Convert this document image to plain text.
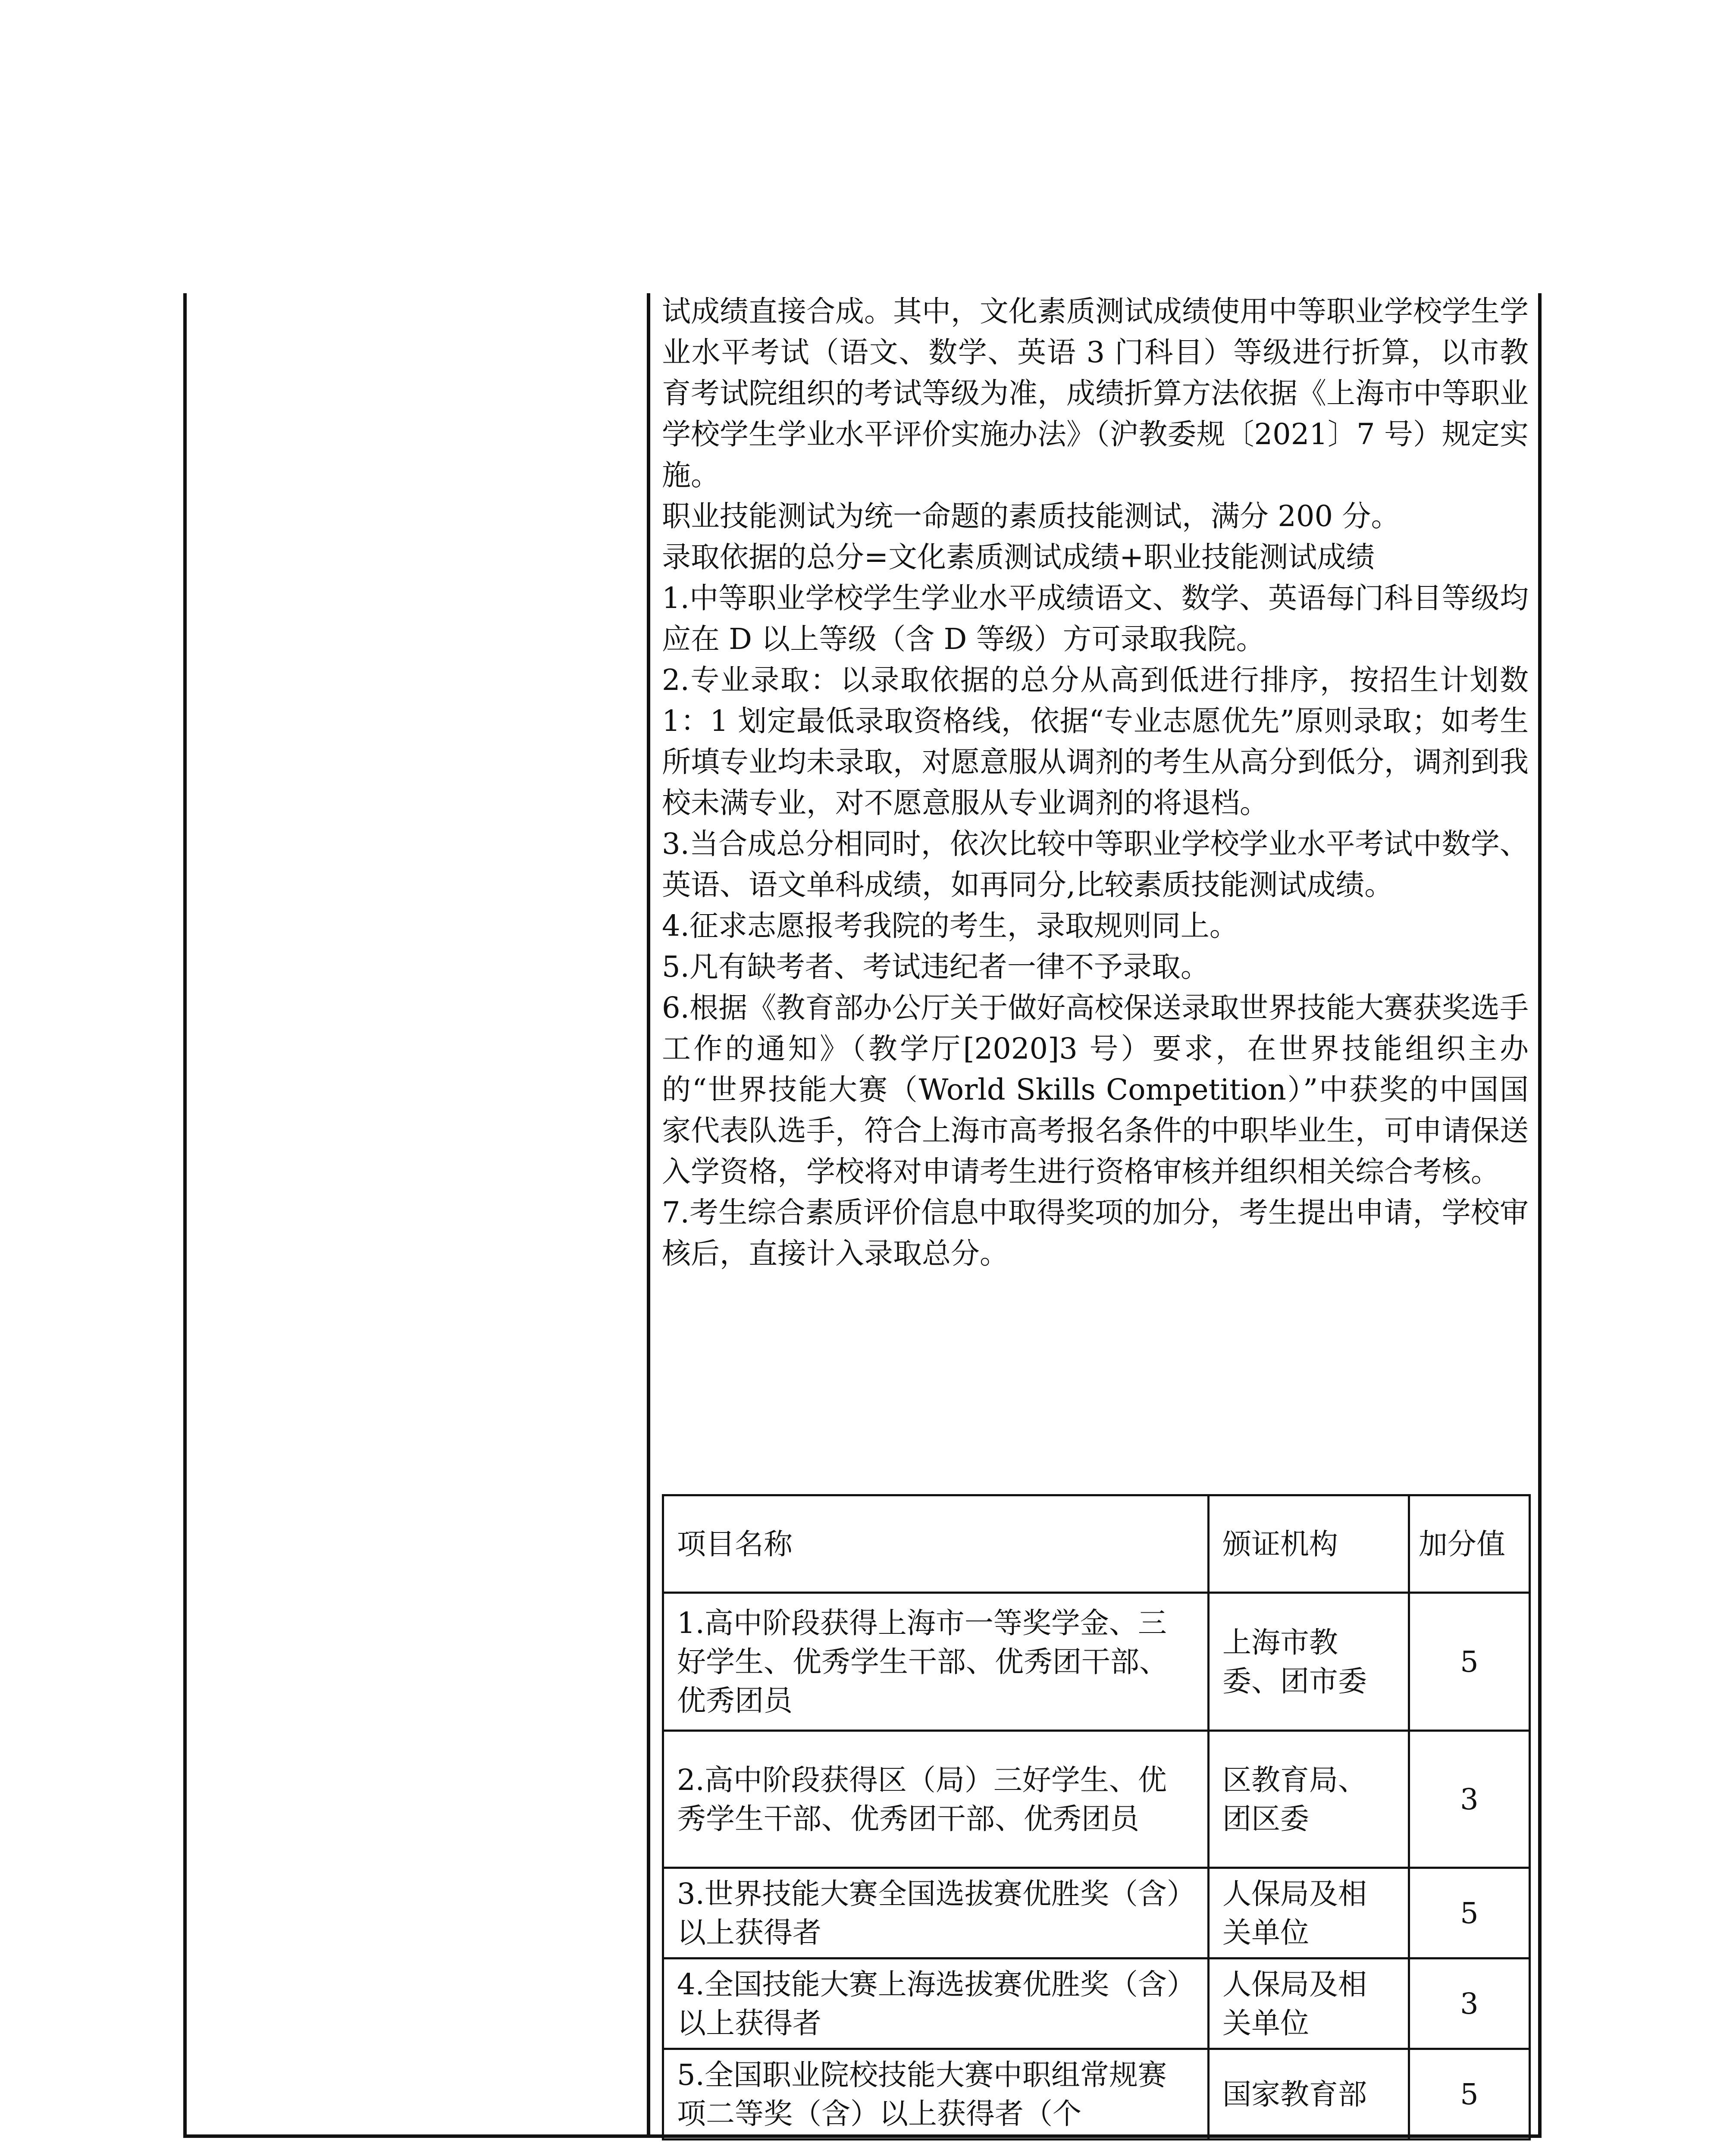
试成绩直接合成。其中，文化素质测试成绩使用中等职业学校学生学业水平考试（语文、数学、英语 3 门科目）等级进行折算，以市教育考试院组织的考试等级为准，成绩折算方法依据《上海市中等职业学校学生学业水平评价实施办法》（沪教委规〔2021〕7 号）规定实施。
职业技能测试为统一命题的素质技能测试，满分 200 分。
录取依据的总分=文化素质测试成绩+职业技能测试成绩
1.中等职业学校学生学业水平成绩语文、数学、英语每门科目等级均应在 D 以上等级（含 D 等级）方可录取我院。
2.专业录取：以录取依据的总分从高到低进行排序，按招生计划数 1：1 划定最低录取资格线，依据“专业志愿优先”原则录取；如考生所填专业均未录取，对愿意服从调剂的考生从高分到低分，调剂到我校未满专业，对不愿意服从专业调剂的将退档。
3.当合成总分相同时，依次比较中等职业学校学业水平考试中数学、英语、语文单科成绩，如再同分,比较素质技能测试成绩。
4.征求志愿报考我院的考生，录取规则同上。
5.凡有缺考者、考试违纪者一律不予录取。
6.根据《教育部办公厅关于做好高校保送录取世界技能大赛获奖选手工作的通知》（教学厅[2020]3 号）要求，在世界技能组织主办的“世界技能大赛（World Skills Competition）”中获奖的中国国家代表队选手，符合上海市高考报名条件的中职毕业生，可申请保送入学资格，学校将对申请考生进行资格审核并组织相关综合考核。
7.考生综合素质评价信息中取得奖项的加分，考生提出申请，学校审核后，直接计入录取总分。
项目名称	颁证机构	加分值
1.高中阶段获得上海市一等奖学金、三好学生、优秀学生干部、优秀团干部、优秀团员	上海市教委、团市委	5
2.高中阶段获得区（局）三好学生、优秀学生干部、优秀团干部、优秀团员	区教育局、团区委	3
3.世界技能大赛全国选拔赛优胜奖（含）以上获得者	人保局及相关单位	5
4.全国技能大赛上海选拔赛优胜奖（含）以上获得者	人保局及相关单位	3
5.全国职业院校技能大赛中职组常规赛项二等奖（含）以上获得者（个	国家教育部	5
